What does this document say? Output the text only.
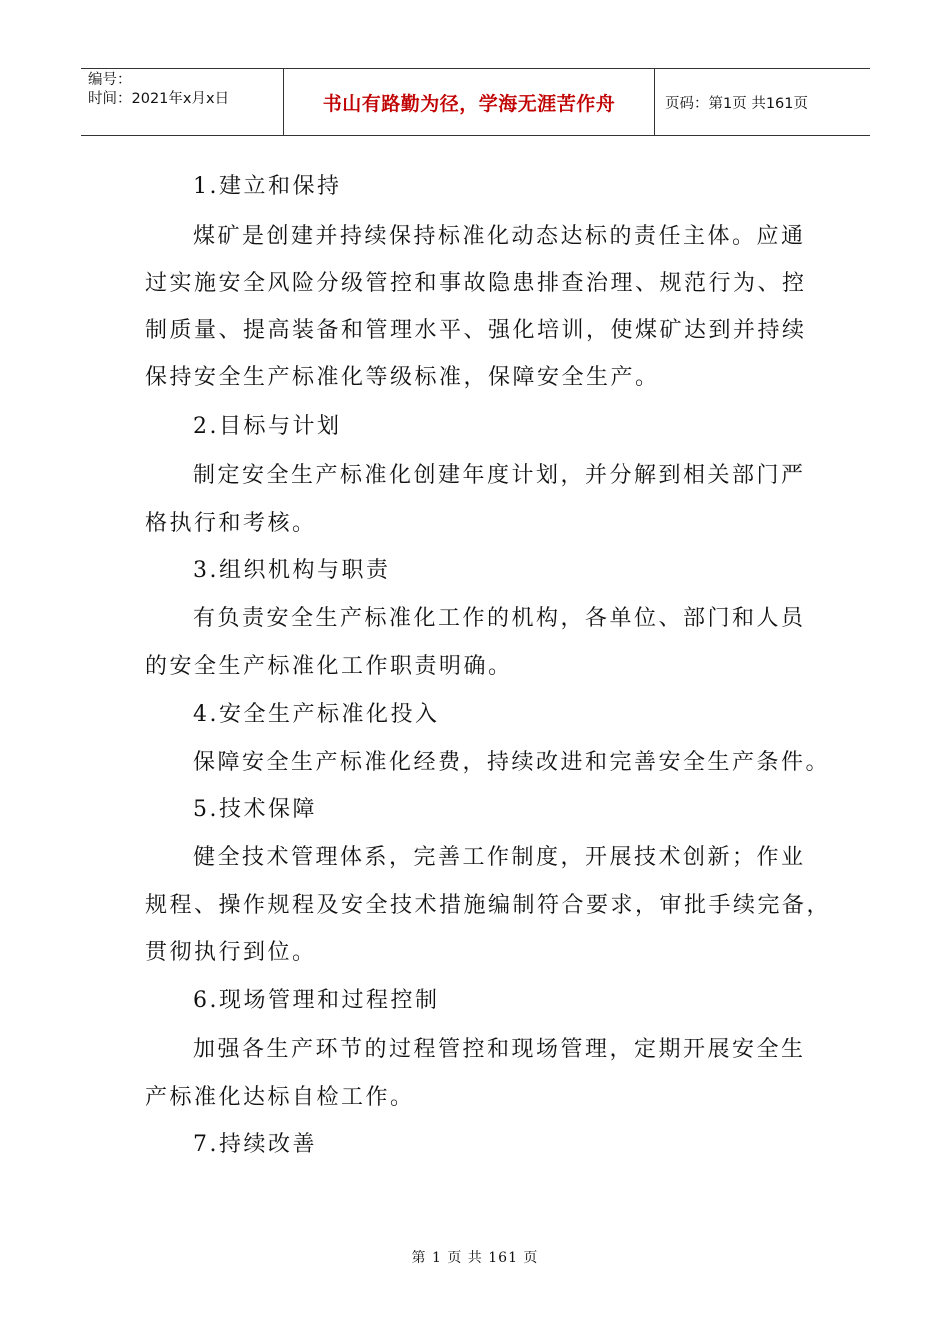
编号：
时间：2021年x月x日	书山有路勤为径，学海无涯苦作舟	页码：第1页 共161页
1.建立和保持
煤矿是创建并持续保持标准化动态达标的责任主体。应通
过实施安全风险分级管控和事故隐患排查治理、规范行为、控
制质量、提高装备和管理水平、强化培训，使煤矿达到并持续
保持安全生产标准化等级标准，保障安全生产。
2.目标与计划
制定安全生产标准化创建年度计划，并分解到相关部门严
格执行和考核。
3.组织机构与职责
有负责安全生产标准化工作的机构，各单位、部门和人员
的安全生产标准化工作职责明确。
4.安全生产标准化投入
保障安全生产标准化经费，持续改进和完善安全生产条件。
5.技术保障
健全技术管理体系，完善工作制度，开展技术创新；作业
规程、操作规程及安全技术措施编制符合要求，审批手续完备，
贯彻执行到位。
6.现场管理和过程控制
加强各生产环节的过程管控和现场管理，定期开展安全生
产标准化达标自检工作。
7.持续改善
第 1 页 共 161 页
